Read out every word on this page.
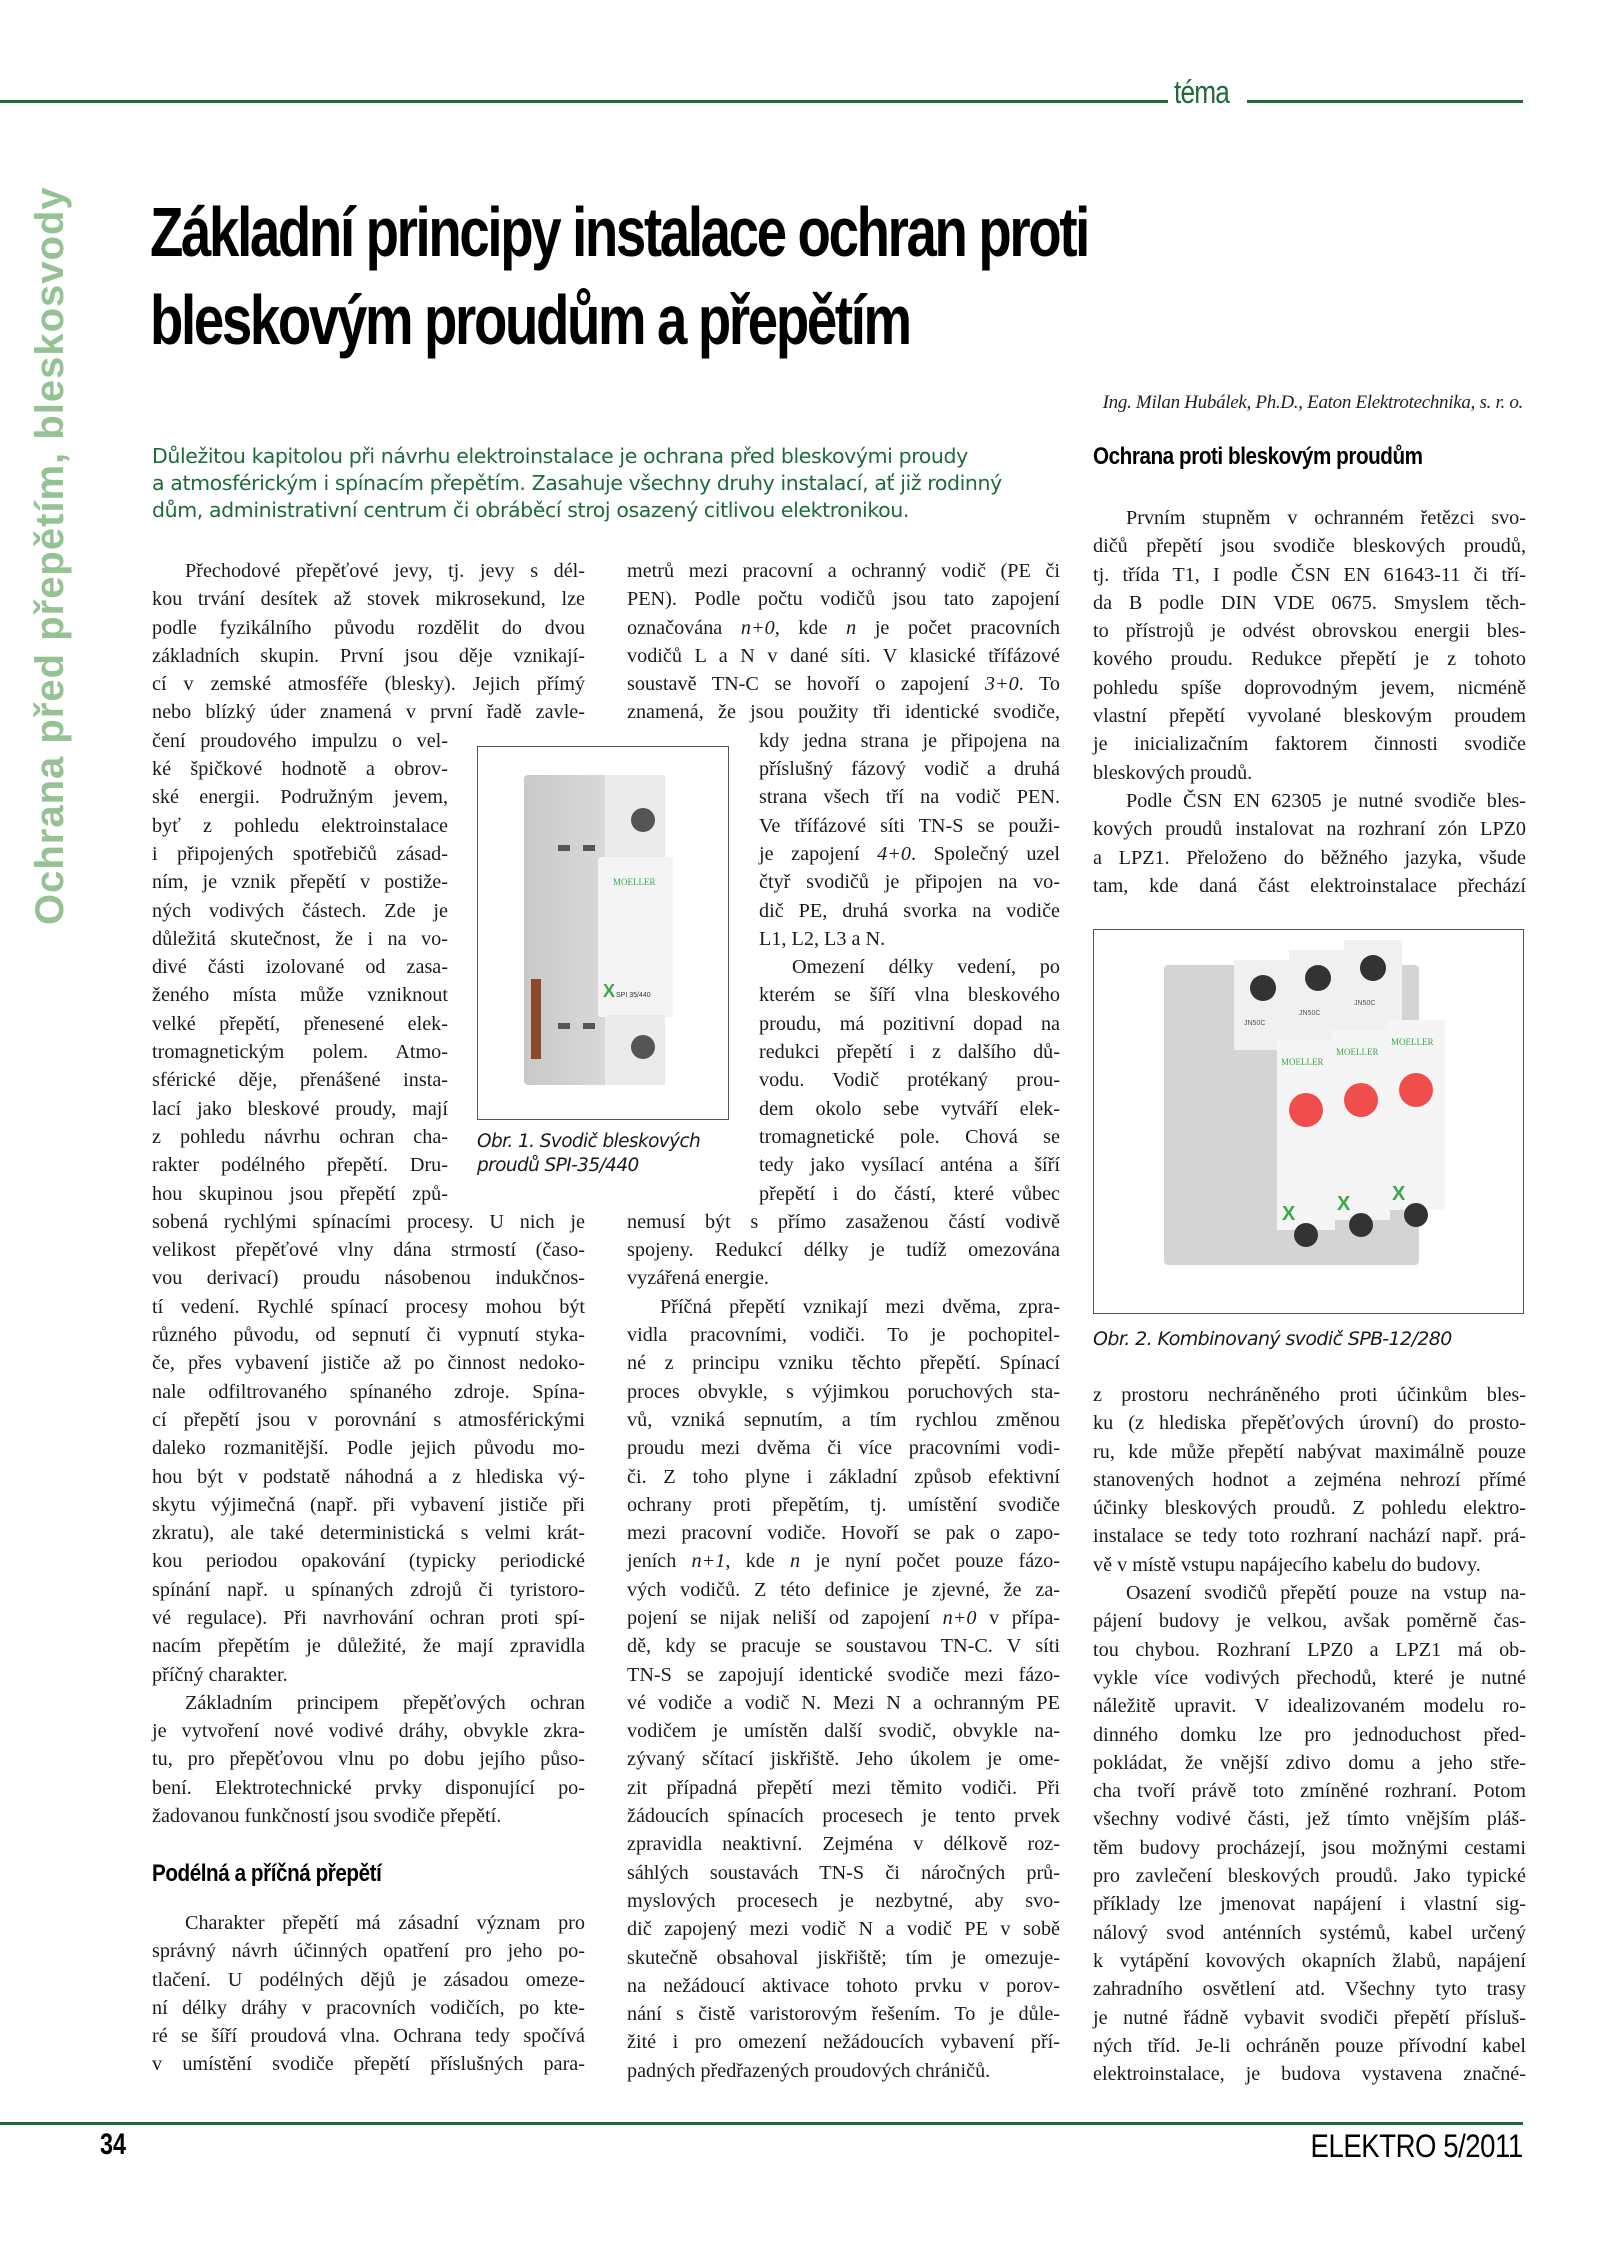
téma
Ochrana před přepětím, bleskosvody Základní principy instalace ochran proti
bleskovým proudům a přepětím
Ing. Milan Hubálek, Ph.D., Eaton Elektrotechnika, s. r. o.
Důležitou kapitolou při návrhu elektroinstalace je ochrana před bleskovými proudy
a atmosférickým i spínacím přepětím. Zasahuje všechny druhy instalací, ať již rodinný
dům, administrativní centrum či obráběcí stroj osazený citlivou elektronikou.
Přechodové přepěťové jevy, tj. jevy s dél-
kou trvání desítek až stovek mikrosekund, lze
podle fyzikálního původu rozdělit do dvou
základních skupin. První jsou děje vznikají-
cí v zemské atmosféře (blesky). Jejich přímý
nebo blízký úder znamená v první řadě zavle-
čení proudového impulzu o vel-
ké špičkové hodnotě a obrov-
ské energii. Podružným jevem,
byť z pohledu elektroinstalace
i připojených spotřebičů zásad-
ním, je vznik přepětí v postiže-
ných vodivých částech. Zde je
důležitá skutečnost, že i na vo-
divé části izolované od zasa-
ženého místa může vzniknout
velké přepětí, přenesené elek-
tromagnetickým polem. Atmo-
sférické děje, přenášené insta-
lací jako bleskové proudy, mají
z pohledu návrhu ochran cha-
rakter podélného přepětí. Dru-
hou skupinou jsou přepětí způ-
sobená rychlými spínacími procesy. U nich je
velikost přepěťové vlny dána strmostí (časo-
vou derivací) proudu násobenou indukčnos-
tí vedení. Rychlé spínací procesy mohou být
různého původu, od sepnutí či vypnutí styka-
če, přes vybavení jističe až po činnost nedoko-
nale odfiltrovaného spínaného zdroje. Spína-
cí přepětí jsou v porovnání s atmosférickými
daleko rozmanitější. Podle jejich původu mo-
hou být v podstatě náhodná a z hlediska vý-
skytu výjimečná (např. při vybavení jističe při
zkratu), ale také deterministická s velmi krát-
kou periodou opakování (typicky periodické
spínání např. u spínaných zdrojů či tyristoro-
vé regulace). Při navrhování ochran proti spí-
nacím přepětím je důležité, že mají zpravidla
příčný charakter.
Základním principem přepěťových ochran
je vytvoření nové vodivé dráhy, obvykle zkra-
tu, pro přepěťovou vlnu po dobu jejího půso-
bení. Elektrotechnické prvky disponující po-
žadovanou funkčností jsou svodiče přepětí.
Podélná a příčná přepětí
Charakter přepětí má zásadní význam pro
správný návrh účinných opatření pro jeho po-
tlačení. U podélných dějů je zásadou omeze-
ní délky dráhy v pracovních vodičích, po kte-
ré se šíří proudová vlna. Ochrana tedy spočívá
v umístění svodiče přepětí příslušných para-
MOELLER
X SPI 35/440
Obr. 1. Svodič bleskových
proudů SPI-35/440
metrů mezi pracovní a ochranný vodič (PE či
PEN). Podle počtu vodičů jsou tato zapojení
označována n+0, kde n je počet pracovních
vodičů L a N v dané síti. V klasické třífázové
soustavě TN-C se hovoří o zapojení 3+0. To
znamená, že jsou použity tři identické svodiče,
kdy jedna strana je připojena na
příslušný fázový vodič a druhá
strana všech tří na vodič PEN.
Ve třífázové síti TN-S se použi-
je zapojení 4+0. Společný uzel
čtyř svodičů je připojen na vo-
dič PE, druhá svorka na vodiče
L1, L2, L3 a N.
Omezení délky vedení, po
kterém se šíří vlna bleskového
proudu, má pozitivní dopad na
redukci přepětí i z dalšího dů-
vodu. Vodič protékaný prou-
dem okolo sebe vytváří elek-
tromagnetické pole. Chová se
tedy jako vysílací anténa a šíří
přepětí i do částí, které vůbec
nemusí být s přímo zasaženou částí vodivě
spojeny. Redukcí délky je tudíž omezována
vyzářená energie.
Příčná přepětí vznikají mezi dvěma, zpra-
vidla pracovními, vodiči. To je pochopitel-
né z principu vzniku těchto přepětí. Spínací
proces obvykle, s výjimkou poruchových sta-
vů, vzniká sepnutím, a tím rychlou změnou
proudu mezi dvěma či více pracovními vodi-
či. Z toho plyne i základní způsob efektivní
ochrany proti přepětím, tj. umístění svodiče
mezi pracovní vodiče. Hovoří se pak o zapo-
jeních n+1, kde n je nyní počet pouze fázo-
vých vodičů. Z této definice je zjevné, že za-
pojení se nijak neliší od zapojení n+0 v přípa-
dě, kdy se pracuje se soustavou TN-C. V síti
TN-S se zapojují identické svodiče mezi fázo-
vé vodiče a vodič N. Mezi N a ochranným PE
vodičem je umístěn další svodič, obvykle na-
zývaný sčítací jiskřiště. Jeho úkolem je ome-
zit případná přepětí mezi těmito vodiči. Při
žádoucích spínacích procesech je tento prvek
zpravidla neaktivní. Zejména v délkově roz-
sáhlých soustavách TN-S či náročných prů-
myslových procesech je nezbytné, aby svo-
dič zapojený mezi vodič N a vodič PE v sobě
skutečně obsahoval jiskřiště; tím je omezuje-
na nežádoucí aktivace tohoto prvku v porov-
nání s čistě varistorovým řešením. To je důle-
žité i pro omezení nežádoucích vybavení pří-
padných předřazených proudových chráničů.
Ochrana proti bleskovým proudům
Prvním stupněm v ochranném řetězci svo-
dičů přepětí jsou svodiče bleskových proudů,
tj. třída T1, I podle ČSN EN 61643-11 či tří-
da B podle DIN VDE 0675. Smyslem těch-
to přístrojů je odvést obrovskou energii bles-
kového proudu. Redukce přepětí je z tohoto
pohledu spíše doprovodným jevem, nicméně
vlastní přepětí vyvolané bleskovým proudem
je inicializačním faktorem činnosti svodiče
bleskových proudů.
Podle ČSN EN 62305 je nutné svodiče bles-
kových proudů instalovat na rozhraní zón LPZ0
a LPZ1. Přeloženo do běžného jazyka, všude
tam, kde daná část elektroinstalace přechází
JN50C
MOELLER
X
JN50C
MOELLER
X
JN50C
MOELLER
X
Obr. 2. Kombinovaný svodič SPB-12/280
z prostoru nechráněného proti účinkům bles-
ku (z hlediska přepěťových úrovní) do prosto-
ru, kde může přepětí nabývat maximálně pouze
stanovených hodnot a zejména nehrozí přímé
účinky bleskových proudů. Z pohledu elektro-
instalace se tedy toto rozhraní nachází např. prá-
vě v místě vstupu napájecího kabelu do budovy.
Osazení svodičů přepětí pouze na vstup na-
pájení budovy je velkou, avšak poměrně čas-
tou chybou. Rozhraní LPZ0 a LPZ1 má ob-
vykle více vodivých přechodů, které je nutné
náležitě upravit. V idealizovaném modelu ro-
dinného domku lze pro jednoduchost před-
pokládat, že vnější zdivo domu a jeho stře-
cha tvoří právě toto zmíněné rozhraní. Potom
všechny vodivé části, jež tímto vnějším pláš-
těm budovy procházejí, jsou možnými cestami
pro zavlečení bleskových proudů. Jako typické
příklady lze jmenovat napájení i vlastní sig-
nálový svod anténních systémů, kabel určený
k vytápění kovových okapních žlabů, napájení
zahradního osvětlení atd. Všechny tyto trasy
je nutné řádně vybavit svodiči přepětí přísluš-
ných tříd. Je-li ochráněn pouze přívodní kabel
elektroinstalace, je budova vystavena značné-
34	ELEKTRO 5/2011
